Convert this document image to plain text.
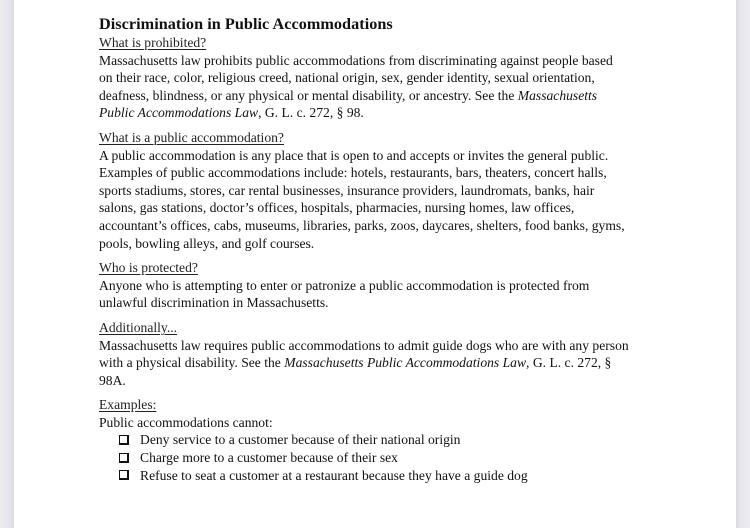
Discrimination in Public Accommodations
What is prohibited?

Massachusetts law prohibits public accommodations from discriminating against people based
on their race, color, religious creed, national origin, sex, gender identity, sexual orientation,
deafness, blindness, or any physical or mental disability, or ancestry. See the Massachusetts
Public Accommodations Law, G. L. c. 272, § 98.

What is a public accommodation?

A public accommodation is any place that is open to and accepts or invites the general public.
Examples of public accommodations include: hotels, restaurants, bars, theaters, concert halls,
sports stadiums, stores, car rental businesses, insurance providers, laundromats, banks, hair
salons, gas stations, doctor’s offices, hospitals, pharmacies, nursing homes, law offices,
accountant’s offices, cabs, museums, libraries, parks, zoos, daycares, shelters, food banks, gyms,
pools, bowling alleys, and golf courses.

Who is protected?

Anyone who is attempting to enter or patronize a public accommodation is protected from
unlawful discrimination in Massachusetts.

Additionally...

Massachusetts law requires public accommodations to admit guide dogs who are with any person
with a physical disability. See the Massachusetts Public Accommodations Law, G. L. c. 272, §
98A.

Examples:
Public accommodations cannot:
Deny service to a customer because of their national origin
Charge more to a customer because of their sex
Refuse to seat a customer at a restaurant because they have a guide dog
